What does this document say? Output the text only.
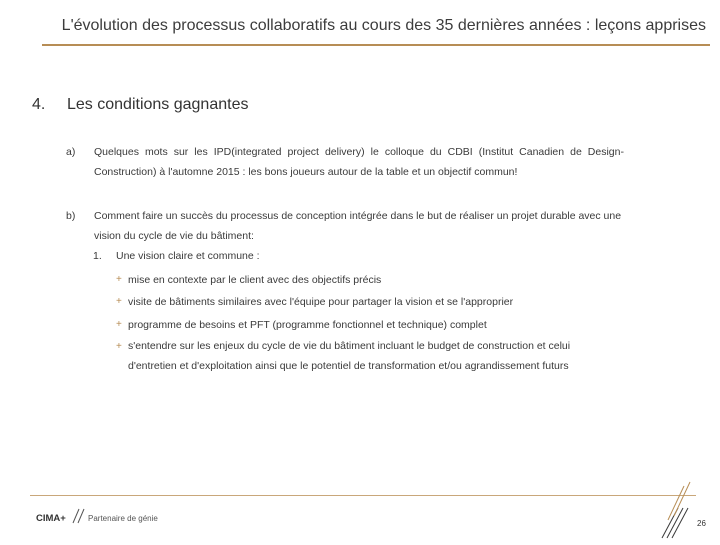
L'évolution des processus collaboratifs au cours des 35 dernières années : leçons apprises
4. Les conditions gagnantes
a) Quelques mots sur les IPD(integrated project delivery) le colloque du CDBI (Institut Canadien de Design-Construction) à l'automne 2015 : les bons joueurs autour de la table et un objectif commun!
b) Comment faire un succès du processus de conception intégrée dans le but de réaliser un projet durable avec une vision du cycle de vie du bâtiment:
1. Une vision claire et commune :
+ mise en contexte par le client avec des objectifs précis
+ visite de bâtiments similaires avec l'équipe pour partager la vision et se l'approprier
+ programme de besoins et PFT (programme fonctionnel et technique) complet
+ s'entendre sur les enjeux du cycle de vie du bâtiment incluant le budget de construction et celui d'entretien et d'exploitation ainsi que le potentiel de transformation et/ou agrandissement futurs
CIMA+	Partenaire de génie
26
